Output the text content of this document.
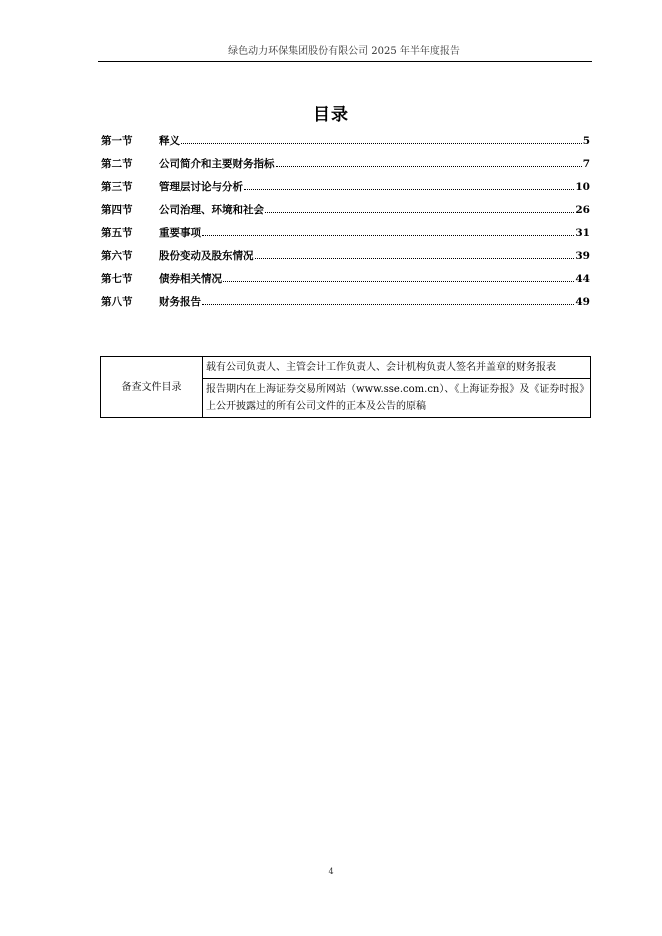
绿色动力环保集团股份有限公司 2025 年半年度报告
目录
第一节	释义	5
第二节	公司简介和主要财务指标	7
第三节	管理层讨论与分析	10
第四节	公司治理、环境和社会	26
第五节	重要事项	31
第六节	股份变动及股东情况	39
第七节	债券相关情况	44
第八节	财务报告	49
备查文件目录	载有公司负责人、主管会计工作负责人、会计机构负责人签名并盖章的财务报表
报告期内在上海证券交易所网站（www.sse.com.cn）、《上海证券报》及《证券时报》上公开披露过的所有公司文件的正本及公告的原稿
4
